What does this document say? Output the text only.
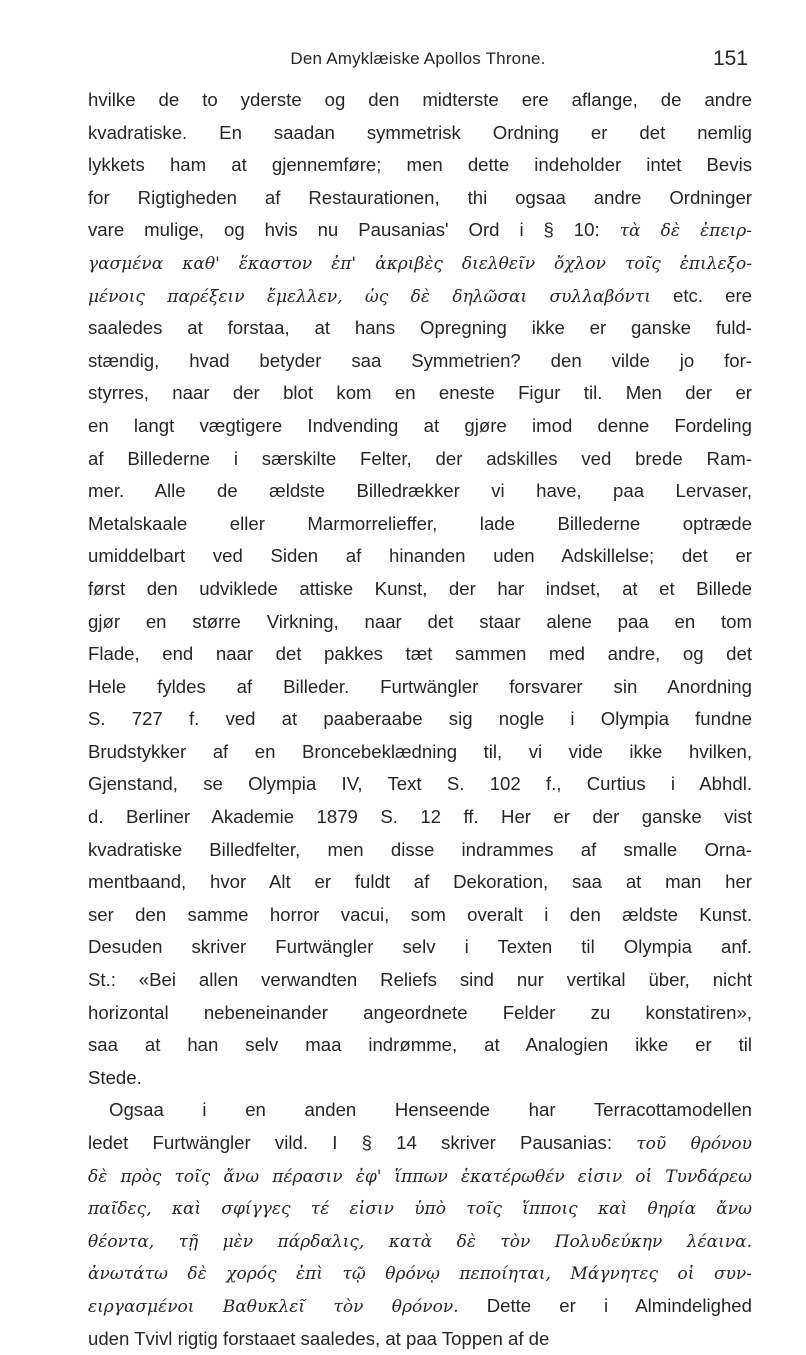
Den Amyklæiske Apollos Throne.	151
hvilke de to yderste og den midterste ere aflange, de andre
kvadratiske. En saadan symmetrisk Ordning er det nemlig
lykkets ham at gjennemføre; men dette indeholder intet Bevis
for Rigtigheden af Restaurationen, thi ogsaa andre Ordninger
vare mulige, og hvis nu Pausanias' Ord i § 10: τὰ δὲ ἐπειρ-
γασμένα καθ' ἕκαστον ἐπ' ἀκριβὲς διελθεῖν ὄχλον τοῖς ἐπιλεξο-
μένοις παρέξειν ἔμελλεν, ὡς δὲ δηλῶσαι συλλαβόντι etc. ere
saaledes at forstaa, at hans Opregning ikke er ganske fuld-
stændig, hvad betyder saa Symmetrien? den vilde jo for-
styrres, naar der blot kom en eneste Figur til. Men der er
en langt vægtigere Indvending at gjøre imod denne Fordeling
af Billederne i særskilte Felter, der adskilles ved brede Ram-
mer. Alle de ældste Billedrækker vi have, paa Lervaser,
Metalskaale eller Marmorrelieffer, lade Billederne optræde
umiddelbart ved Siden af hinanden uden Adskillelse; det er
først den udviklede attiske Kunst, der har indset, at et Billede
gjør en større Virkning, naar det staar alene paa en tom
Flade, end naar det pakkes tæt sammen med andre, og det
Hele fyldes af Billeder. Furtwängler forsvarer sin Anordning
S. 727 f. ved at paaberaabe sig nogle i Olympia fundne
Brudstykker af en Broncebeklædning til, vi vide ikke hvilken,
Gjenstand, se Olympia IV, Text S. 102 f., Curtius i Abhdl.
d. Berliner Akademie 1879 S. 12 ff. Her er der ganske vist
kvadratiske Billedfelter, men disse indrammes af smalle Orna-
mentbaand, hvor Alt er fuldt af Dekoration, saa at man her
ser den samme horror vacui, som overalt i den ældste Kunst.
Desuden skriver Furtwängler selv i Texten til Olympia anf.
St.: «Bei allen verwandten Reliefs sind nur vertikal über, nicht
horizontal nebeneinander angeordnete Felder zu konstatiren»,
saa at han selv maa indrømme, at Analogien ikke er til
Stede.
Ogsaa i en anden Henseende har Terracottamodellen
ledet Furtwängler vild. I § 14 skriver Pausanias: τοῦ θρόνου
δὲ πρὸς τοῖς ἄνω πέρασιν ἐφ' ἵππων ἑκατέρωθέν εἰσιν οἱ Τυνδάρεω
παῖδες, καὶ σφίγγες τέ εἰσιν ὑπὸ τοῖς ἵπποις καὶ θηρία ἄνω
θέοντα, τῇ μὲν πάρδαλις, κατὰ δὲ τὸν Πολυδεύκην λέαινα.
ἀνωτάτω δὲ χορός ἐπὶ τῷ θρόνῳ πεποίηται, Μάγνητες οἱ συν-
ειργασμένοι Βαθυκλεῖ τὸν θρόνον. Dette er i Almindelighed
uden Tvivl rigtig forstaaet saaledes, at paa Toppen af de
